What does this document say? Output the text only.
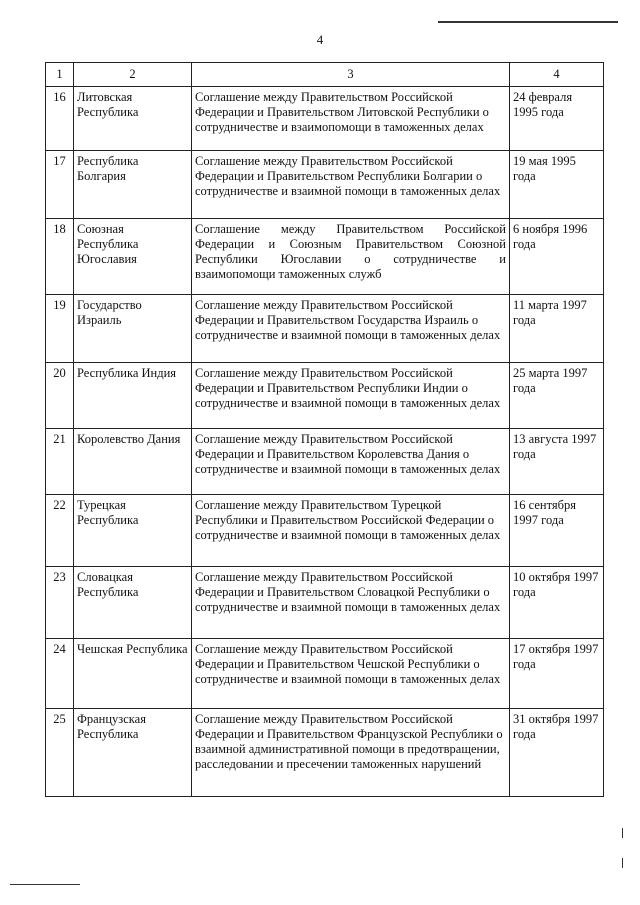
4
1	2	3	4
16	Литовская Республика	Соглашение между Правительством Российской Федерации и Правительством Литовской Республики о сотрудничестве и взаимопомощи в таможенных делах	24 февраля 1995 года
17	Республика Болгария	Соглашение между Правительством Российской Федерации и Правительством Республики Болгарии о сотрудничестве и взаимной помощи в таможенных делах	19 мая 1995 года
18	Союзная Республика Югославия	Соглашение между Правительством Российской Федерации и Союзным Правительством Союзной Республики Югославии о сотрудничестве и взаимопомощи таможенных служб	6 ноября 1996 года
19	Государство Израиль	Соглашение между Правительством Российской Федерации и Правительством Государства Израиль о сотрудничестве и взаимной помощи в таможенных делах	11 марта 1997 года
20	Республика Индия	Соглашение между Правительством Российской Федерации и Правительством Республики Индии о сотрудничестве и взаимной помощи в таможенных делах	25 марта 1997 года
21	Королевство Дания	Соглашение между Правительством Российской Федерации и Правительством Королевства Дания о сотрудничестве и взаимной помощи в таможенных делах	13 августа 1997 года
22	Турецкая Республика	Соглашение между Правительством Турецкой Республики и Правительством Российской Федерации о сотрудничестве и взаимной помощи в таможенных делах	16 сентября 1997 года
23	Словацкая Республика	Соглашение между Правительством Российской Федерации и Правительством Словацкой Республики о сотрудничестве и взаимной помощи в таможенных делах	10 октября 1997 года
24	Чешская Республика	Соглашение между Правительством Российской Федерации и Правительством Чешской Республики о сотрудничестве и взаимной помощи в таможенных делах	17 октября 1997 года
25	Французская Республика	Соглашение между Правительством Российской Федерации и Правительством Французской Республики о взаимной административной помощи в предотвращении, расследовании и пресечении таможенных нарушений	31 октября 1997 года
